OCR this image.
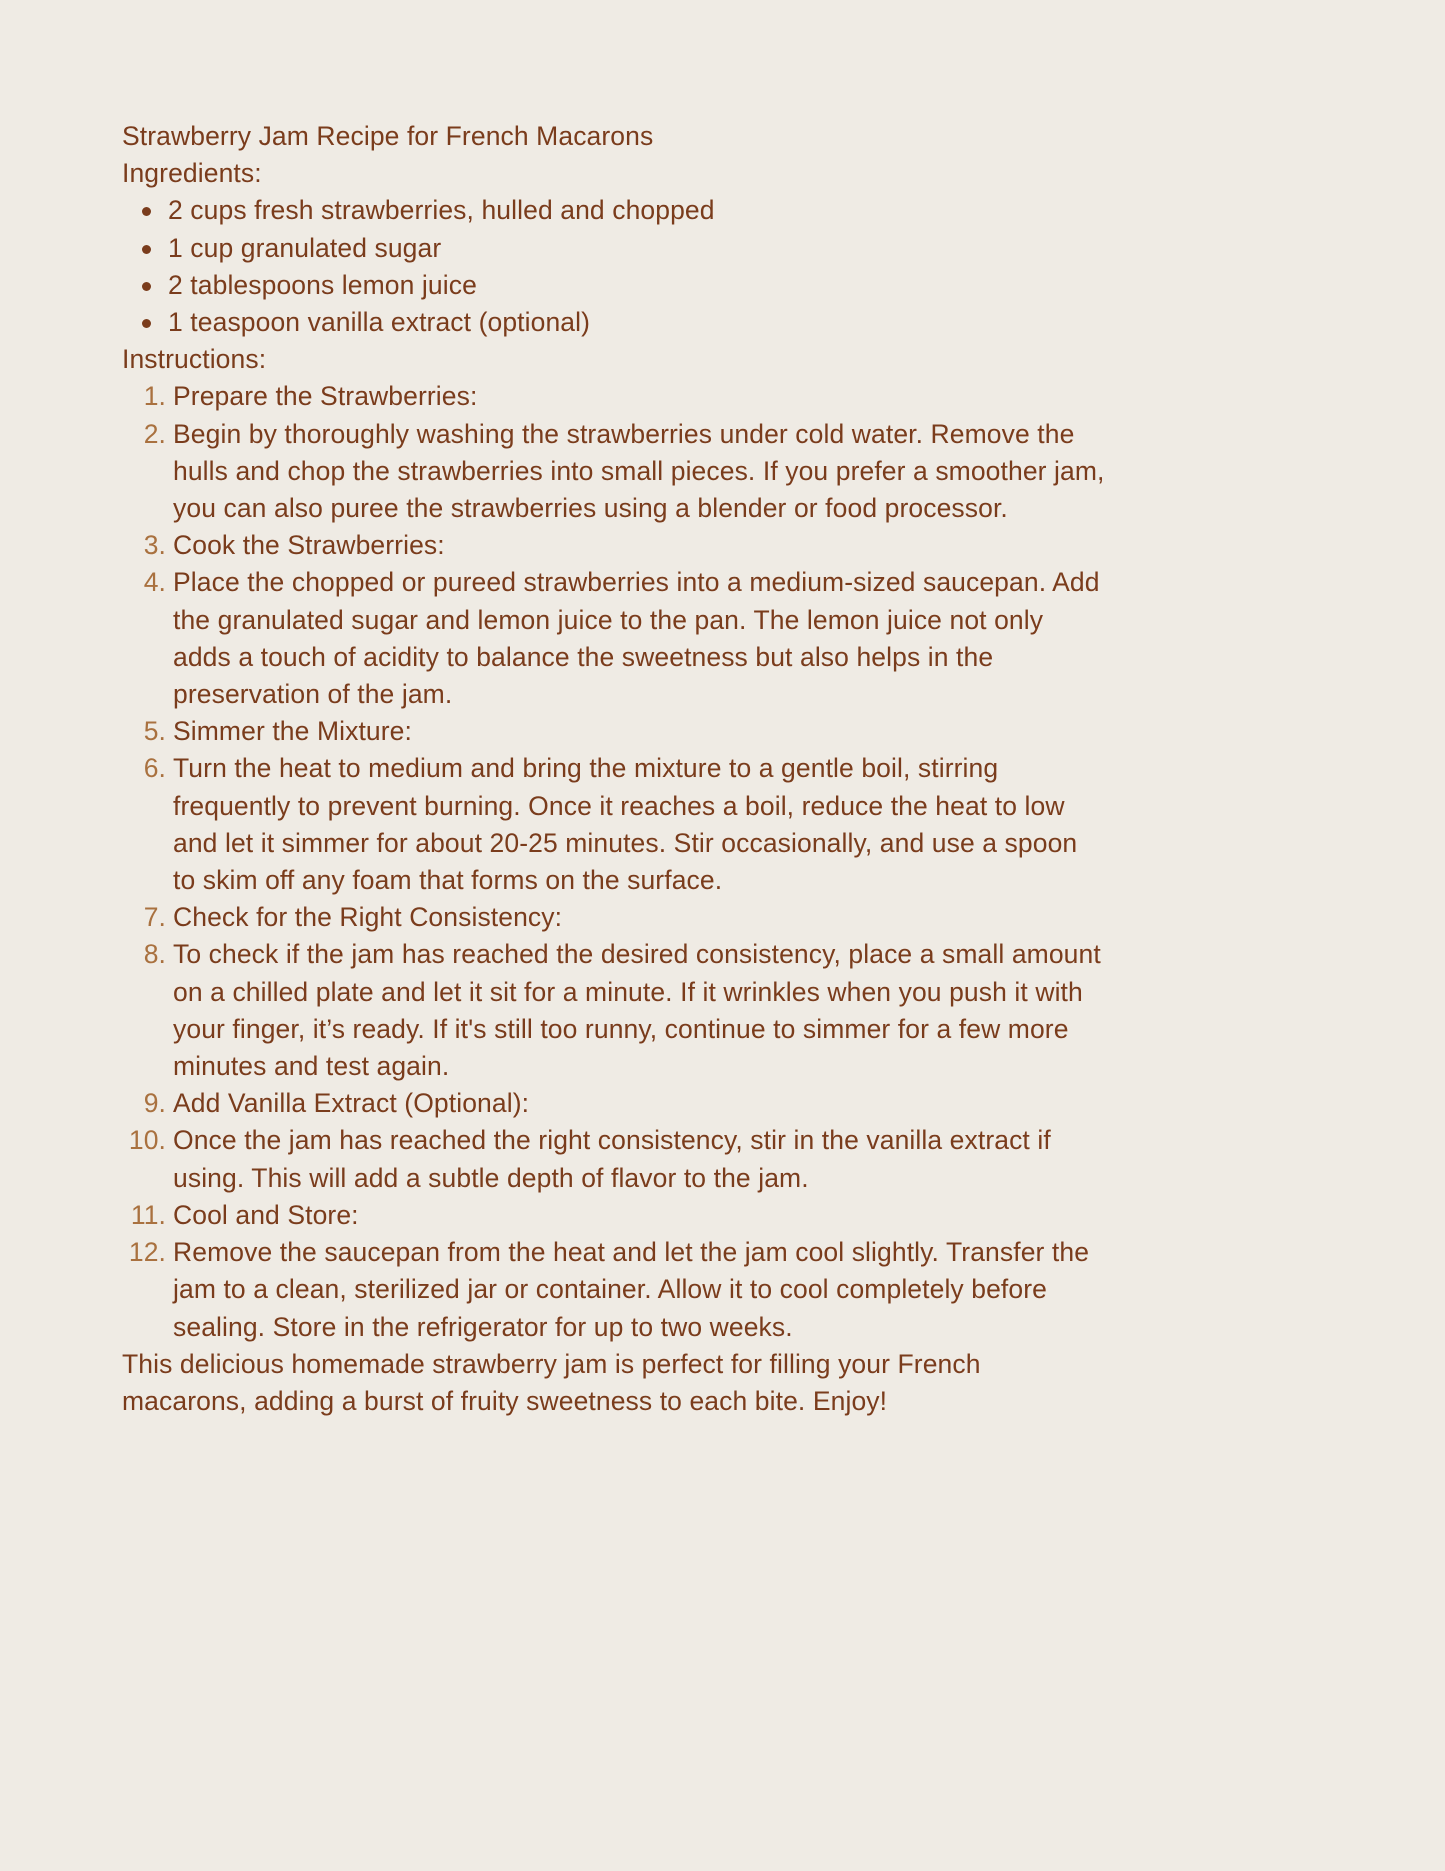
Strawberry Jam Recipe for French Macarons
Ingredients:
2 cups fresh strawberries, hulled and chopped
1 cup granulated sugar
2 tablespoons lemon juice
1 teaspoon vanilla extract (optional)
Instructions:
1. Prepare the Strawberries:
2. Begin by thoroughly washing the strawberries under cold water. Remove the hulls and chop the strawberries into small pieces. If you prefer a smoother jam, you can also puree the strawberries using a blender or food processor.
3. Cook the Strawberries:
4. Place the chopped or pureed strawberries into a medium-sized saucepan. Add the granulated sugar and lemon juice to the pan. The lemon juice not only adds a touch of acidity to balance the sweetness but also helps in the preservation of the jam.
5. Simmer the Mixture:
6. Turn the heat to medium and bring the mixture to a gentle boil, stirring frequently to prevent burning. Once it reaches a boil, reduce the heat to low and let it simmer for about 20-25 minutes. Stir occasionally, and use a spoon to skim off any foam that forms on the surface.
7. Check for the Right Consistency:
8. To check if the jam has reached the desired consistency, place a small amount on a chilled plate and let it sit for a minute. If it wrinkles when you push it with your finger, it’s ready. If it's still too runny, continue to simmer for a few more minutes and test again.
9. Add Vanilla Extract (Optional):
10. Once the jam has reached the right consistency, stir in the vanilla extract if using. This will add a subtle depth of flavor to the jam.
11. Cool and Store:
12. Remove the saucepan from the heat and let the jam cool slightly. Transfer the jam to a clean, sterilized jar or container. Allow it to cool completely before sealing. Store in the refrigerator for up to two weeks.

This delicious homemade strawberry jam is perfect for filling your French macarons, adding a burst of fruity sweetness to each bite. Enjoy!
